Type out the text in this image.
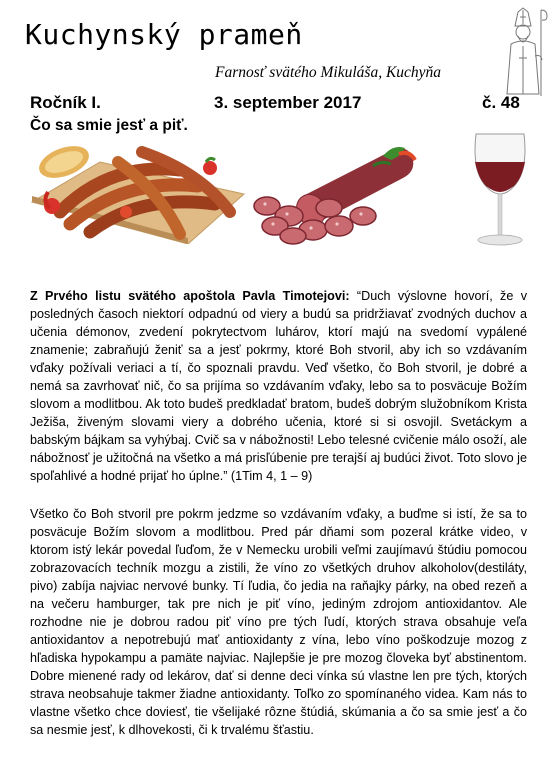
Kuchynský prameň
Farnosť svätého Mikuláša, Kuchyňa
Ročník I.	3. september 2017	č. 48
Čo sa smie jesť a piť.

Z Prvého listu svätého apoštola Pavla Timotejovi: “Duch výslovne hovorí, že v posledných časoch niektorí odpadnú od viery a budú sa pridržiavať zvodných duchov a učenia démonov, zvedení pokrytectvom luhárov, ktorí majú na svedomí vypálené znamenie; zabraňujú ženiť sa a jesť pokrmy, ktoré Boh stvoril, aby ich so vzdávaním vďaky požívali veriaci a tí, čo spoznali pravdu. Veď všetko, čo Boh stvoril, je dobré a nemá sa zavrhovať nič, čo sa prijíma so vzdávaním vďaky, lebo sa to posväcuje Božím slovom a modlitbou. Ak toto budeš predkladať bratom, budeš dobrým služobníkom Krista Ježiša, živeným slovami viery a dobrého učenia, ktoré si si osvojil. Svetáckym a babským bájkam sa vyhýbaj. Cvič sa v nábožnosti! Lebo telesné cvičenie málo osoží, ale nábožnosť je užitočná na všetko a má prisľúbenie pre terajší aj budúci život. Toto slovo je spoľahlivé a hodné prijať ho úplne.” (1Tim 4, 1 – 9)

Všetko čo Boh stvoril pre pokrm jedzme so vzdávaním vďaky, a buďme si istí, že sa to posväcuje Božím slovom a modlitbou. Pred pár dňami som pozeral krátke video, v ktorom istý lekár povedal ľuďom, že v Nemecku urobili veľmi zaujímavú štúdiu pomocou zobrazovacích techník mozgu a zistili, že víno zo všetkých druhov alkoholov(destiláty, pivo) zabíja najviac nervové bunky. Tí ľudia, čo jedia na raňajky párky, na obed rezeň a na večeru hamburger, tak pre nich je piť víno, jediným zdrojom antioxidantov. Ale rozhodne nie je dobrou radou piť víno pre tých ľudí, ktorých strava obsahuje veľa antioxidantov a nepotrebujú mať antioxidanty z vína, lebo víno poškodzuje mozog z hľadiska hypokampu a pamäte najviac. Najlepšie je pre mozog človeka byť abstinentom. Dobre mienené rady od lekárov, dať si denne deci vínka sú vlastne len pre tých, ktorých strava neobsahuje takmer žiadne antioxidanty. Toľko zo spomínaného videa. Kam nás to vlastne všetko chce doviesť, tie všelijaké rôzne štúdiá, skúmania a čo sa smie jesť a čo sa nesmie jesť, k dlhovekosti, či k trvalému šťastiu.
